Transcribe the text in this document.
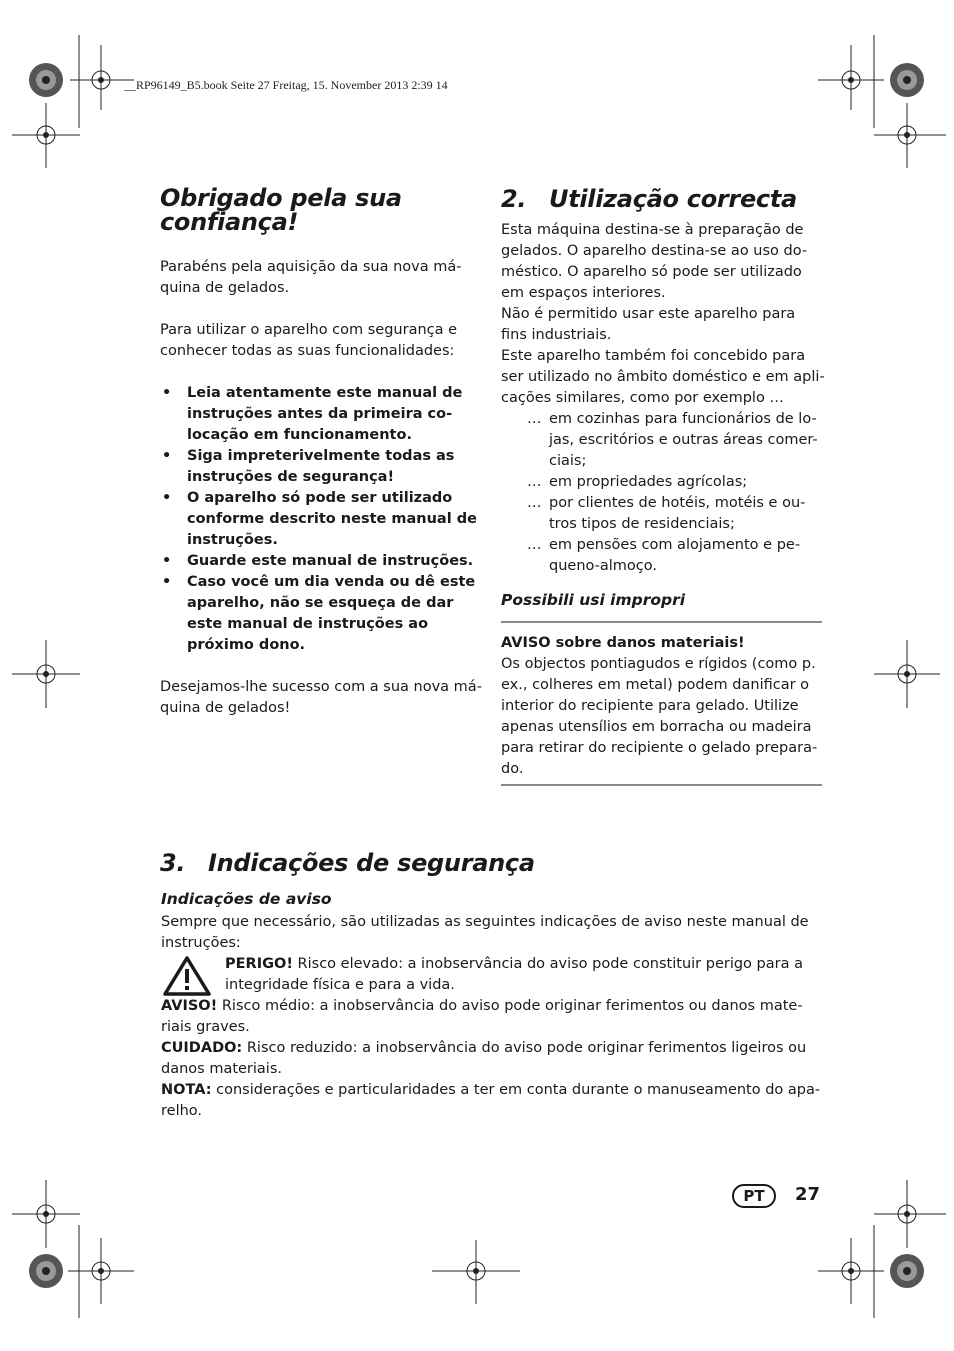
__RP96149_B5.book Seite 27 Freitag, 15. November 2013 2:39 14
Obrigado pela sua confiança!

Parabéns pela aquisição da sua nova má- quina de gelados.

Para utilizar o aparelho com segurança e conhecer todas as suas funcionalidades:

• Leia atentamente este manual de instruções antes da primeira co- locação em funcionamento.
• Siga impreterivelmente todas as instruções de segurança!
• O aparelho só pode ser utilizado conforme descrito neste manual de instruções.
• Guarde este manual de instruções.
• Caso você um dia venda ou dê este aparelho, não se esqueça de dar este manual de instruções ao próximo dono.

Desejamos-lhe sucesso com a sua nova má- quina de gelados!

2. Utilização correcta

Esta máquina destina-se à preparação de gelados. O aparelho destina-se ao uso do- méstico. O aparelho só pode ser utilizado em espaços interiores.

Não é permitido usar este aparelho para fins industriais.

Este aparelho também foi concebido para ser utilizado no âmbito doméstico e em apli- cações similares, como por exemplo …

… em cozinhas para funcionários de lo- jas, escritórios e outras áreas comer- ciais;
… em propriedades agrícolas;
… por clientes de hotéis, motéis e ou- tros tipos de residenciais;
… em pensões com alojamento e pe- queno-almoço.

Possibili usi impropri

AVISO sobre danos materiais!

Os objectos pontiagudos e rígidos (como p. ex., colheres em metal) podem danificar o interior do recipiente para gelado. Utilize apenas utensílios em borracha ou madeira para retirar do recipiente o gelado prepara- do.

3. Indicações de segurança

Indicações de aviso

Sempre que necessário, são utilizadas as seguintes indicações de aviso neste manual de instruções:

PERIGO! Risco elevado: a inobservância do aviso pode constituir perigo para a integridade física e para a vida.

AVISO! Risco médio: a inobservância do aviso pode originar ferimentos ou danos mate- riais graves.

CUIDADO: Risco reduzido: a inobservância do aviso pode originar ferimentos ligeiros ou danos materiais.

NOTA: considerações e particularidades a ter em conta durante o manuseamento do apa- relho.

PT	27
